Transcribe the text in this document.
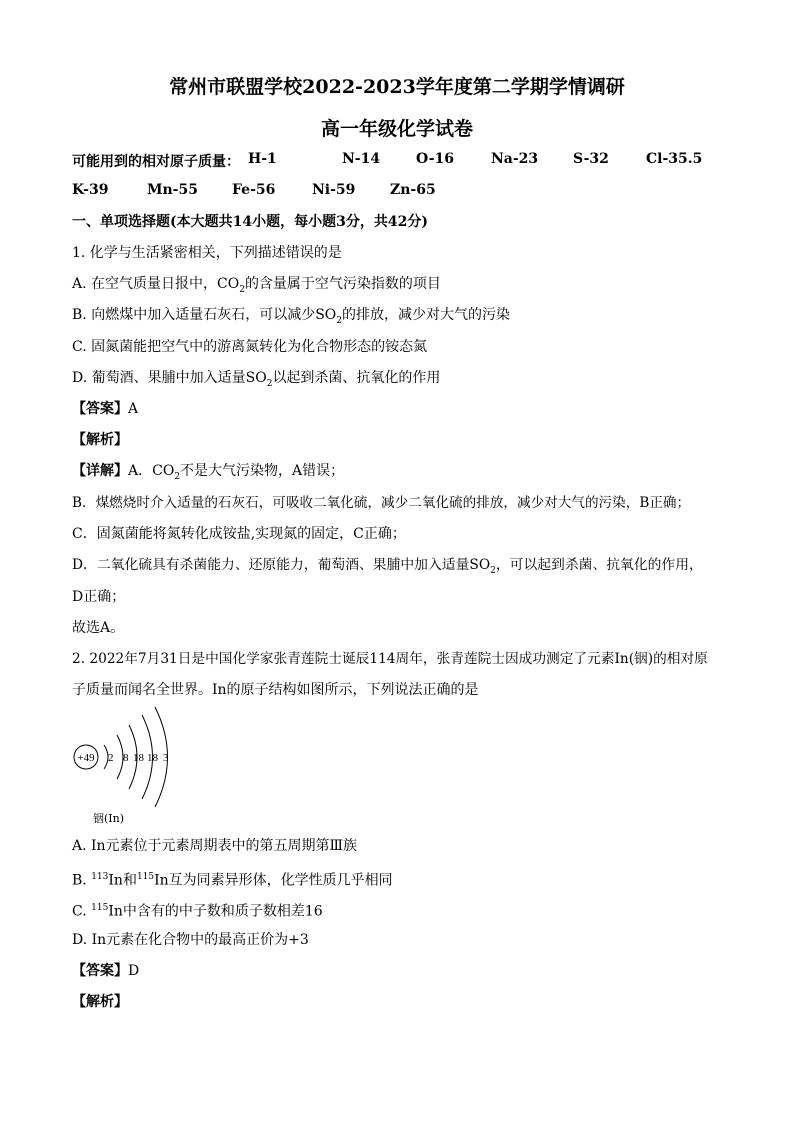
常州市联盟学校2022-2023学年度第二学期学情调研
高一年级化学试卷
可能用到的相对原子质量： H-1	N-14	O-16	Na-23 S-32	Cl-35.5
K-39	Mn-55 Fe-56	Ni-59 Zn-65
一、单项选择题(本大题共14小题，每小题3分，共42分)
1. 化学与生活紧密相关，下列描述错误的是
A. 在空气质量日报中，$CO_2$的含量属于空气污染指数的项目
B. 向燃煤中加入适量石灰石，可以减少$SO_2$的排放，减少对大气的污染
C. 固氮菌能把空气中的游离氮转化为化合物形态的铵态氮
D. 葡萄酒、果脯中加入适量$SO_2$以起到杀菌、抗氧化的作用
【答案】A
【解析】
【详解】A．$CO_2$不是大气污染物，A错误；
B．煤燃烧时介入适量的石灰石，可吸收二氧化硫，减少二氧化硫的排放，减少对大气的污染，B正确；
C．固氮菌能将氮转化成铵盐,实现氮的固定，C正确；
D．二氧化硫具有杀菌能力、还原能力，葡萄酒、果脯中加入适量$SO_2$，可以起到杀菌、抗氧化的作用，
D正确；
故选A。
2. 2022年7月31日是中国化学家张青莲院士诞辰114周年，张青莲院士因成功测定了元素In(铟)的相对原
子质量而闻名全世界。In的原子结构如图所示，下列说法正确的是
+49 2 8 18 18 3
铟(In)
A. In元素位于元素周期表中的第五周期第Ⅲ族
B. $^{113}$In和$^{115}$In互为同素异形体，化学性质几乎相同
C. $^{115}$In中含有的中子数和质子数相差16
D. In元素在化合物中的最高正价为+3
【答案】D
【解析】
